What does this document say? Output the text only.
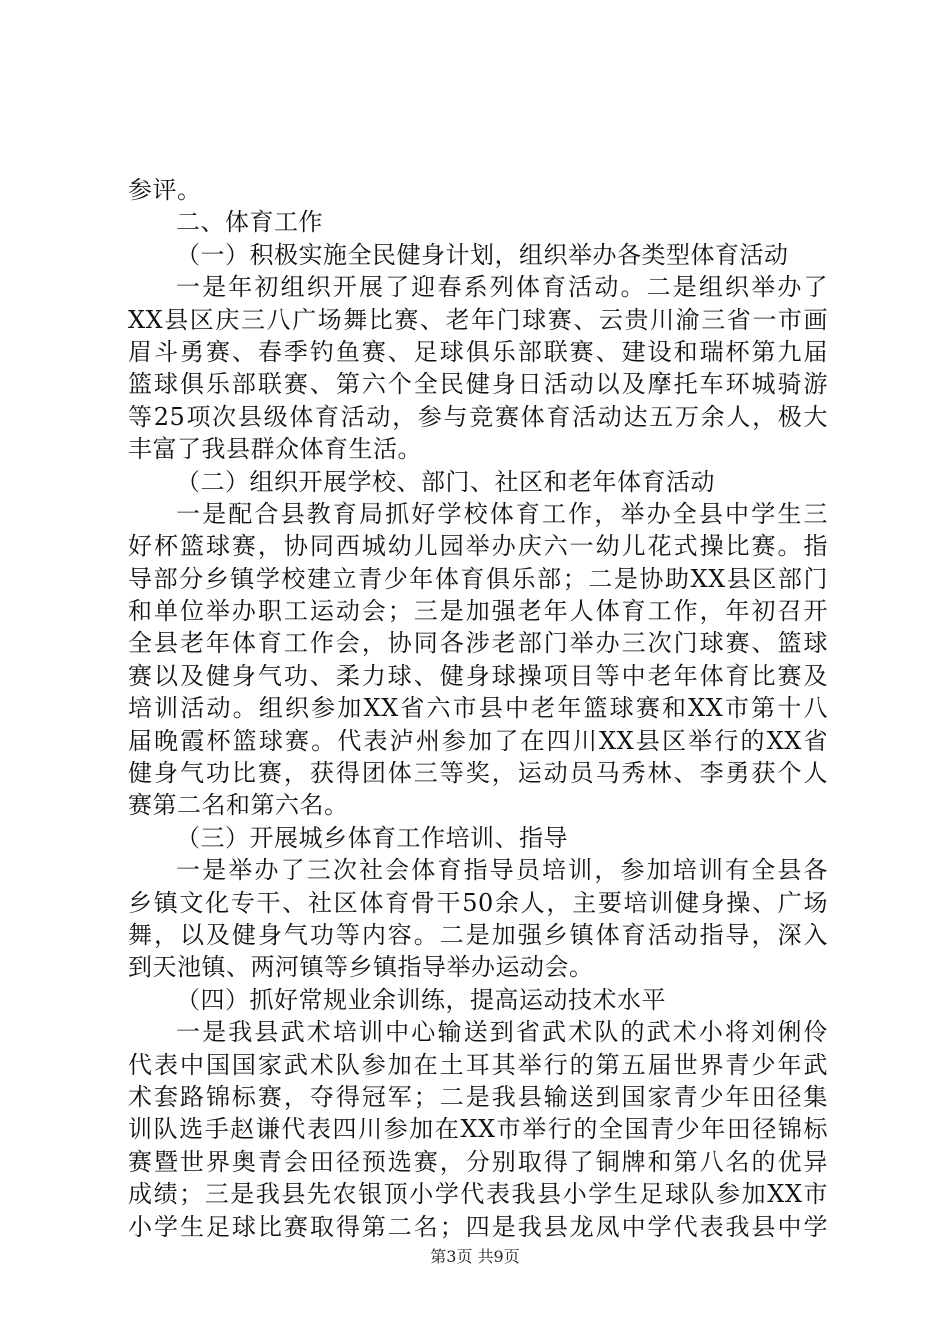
参评。
二、体育工作
（一）积极实施全民健身计划，组织举办各类型体育活动
一是年初组织开展了迎春系列体育活动。二是组织举办了
XX县区庆三八广场舞比赛、老年门球赛、云贵川渝三省一市画
眉斗勇赛、春季钓鱼赛、足球俱乐部联赛、建设和瑞杯第九届
篮球俱乐部联赛、第六个全民健身日活动以及摩托车环城骑游
等25项次县级体育活动，参与竞赛体育活动达五万余人，极大
丰富了我县群众体育生活。
（二）组织开展学校、部门、社区和老年体育活动
一是配合县教育局抓好学校体育工作，举办全县中学生三
好杯篮球赛，协同西城幼儿园举办庆六一幼儿花式操比赛。指
导部分乡镇学校建立青少年体育俱乐部；二是协助XX县区部门
和单位举办职工运动会；三是加强老年人体育工作，年初召开
全县老年体育工作会，协同各涉老部门举办三次门球赛、篮球
赛以及健身气功、柔力球、健身球操项目等中老年体育比赛及
培训活动。组织参加XX省六市县中老年篮球赛和XX市第十八
届晚霞杯篮球赛。代表泸州参加了在四川XX县区举行的XX省
健身气功比赛，获得团体三等奖，运动员马秀林、李勇获个人
赛第二名和第六名。
（三）开展城乡体育工作培训、指导
一是举办了三次社会体育指导员培训，参加培训有全县各
乡镇文化专干、社区体育骨干50余人，主要培训健身操、广场
舞，以及健身气功等内容。二是加强乡镇体育活动指导，深入
到天池镇、两河镇等乡镇指导举办运动会。
（四）抓好常规业余训练，提高运动技术水平
一是我县武术培训中心输送到省武术队的武术小将刘俐伶
代表中国国家武术队参加在土耳其举行的第五届世界青少年武
术套路锦标赛，夺得冠军；二是我县输送到国家青少年田径集
训队选手赵谦代表四川参加在XX市举行的全国青少年田径锦标
赛暨世界奥青会田径预选赛，分别取得了铜牌和第八名的优异
成绩；三是我县先农银顶小学代表我县小学生足球队参加XX市
小学生足球比赛取得第二名；四是我县龙凤中学代表我县中学
第3页 共9页
